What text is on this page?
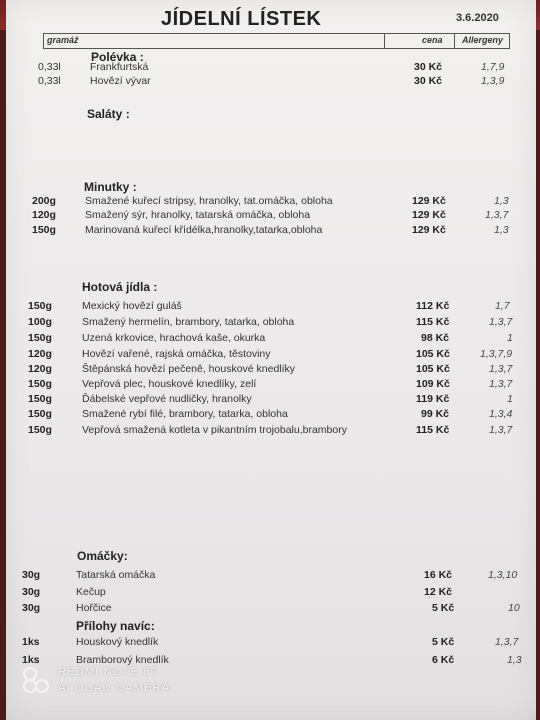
JÍDELNÍ LÍSTEK	3.6.2020
gramáž	cena Allergeny
Polévka :
0,33l	Frankfurtská	30 Kč	1,7,9
0,33l	Hovězí vývar	30 Kč	1,3,9
Saláty :
Minutky :
200g	Smažené kuřecí stripsy, hranolky, tat.omáčka, obloha	129 Kč	1,3
120g	Smažený sýr, hranolky, tatarská omáčka, obloha	129 Kč	1,3,7
150g	Marinovaná kuřecí křídélka,hranolky,tatarka,obloha	129 Kč	1,3
Hotová jídla :
150g	Mexický hovězí guláš	112 Kč	1,7
100g	Smažený hermelín, brambory, tatarka, obloha	115 Kč	1,3,7
150g	Uzená krkovice, hrachová kaše, okurka	98 Kč	1
120g	Hovězí vařené, rajská omáčka, těstoviny	105 Kč	1,3,7,9
120g	Štěpánská hovězí pečeně, houskové knedlíky	105 Kč	1,3,7
150g	Vepřová plec, houskové knedlíky, zelí	109 Kč	1,3,7
150g	Ďábelské vepřové nudličky, hranolky	119 Kč	1
150g	Smažené rybí filé, brambory, tatarka, obloha	99 Kč	1,3,4
150g	Vepřová smažená kotleta v pikantním trojobalu,brambory	115 Kč	1,3,7
Omáčky:
30g	Tatarská omáčka	16 Kč	1,3,10
30g	Kečup	12 Kč
30g	Hořčice	5 Kč	10
Přílohy navíc:
1ks	Houskový knedlík	5 Kč	1,3,7
1ks	Bramborový knedlík	6 Kč	1,3
REDMI NOTE 8T
AI QUAD CAMERA
